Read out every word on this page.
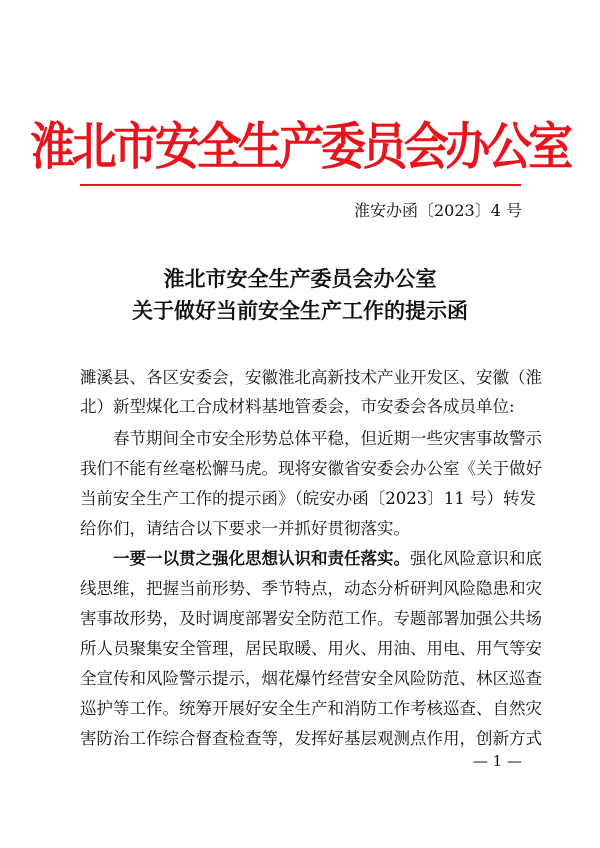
淮北市安全生产委员会办公室
淮安办函〔2023〕4 号
淮北市安全生产委员会办公室
关于做好当前安全生产工作的提示函
濉溪县、各区安委会，安徽淮北高新技术产业开发区、安徽（淮
北）新型煤化工合成材料基地管委会，市安委会各成员单位:
　　春节期间全市安全形势总体平稳，但近期一些灾害事故警示
我们不能有丝毫松懈马虎。现将安徽省安委会办公室《关于做好
当前安全生产工作的提示函》（皖安办函〔2023〕11 号）转发
给你们，请结合以下要求一并抓好贯彻落实。
　　一要一以贯之强化思想认识和责任落实。强化风险意识和底
线思维，把握当前形势、季节特点，动态分析研判风险隐患和灾
害事故形势，及时调度部署安全防范工作。专题部署加强公共场
所人员聚集安全管理，居民取暖、用火、用油、用电、用气等安
全宣传和风险警示提示，烟花爆竹经营安全风险防范、林区巡查
巡护等工作。统筹开展好安全生产和消防工作考核巡查、自然灾
害防治工作综合督查检查等，发挥好基层观测点作用，创新方式
— 1 —
